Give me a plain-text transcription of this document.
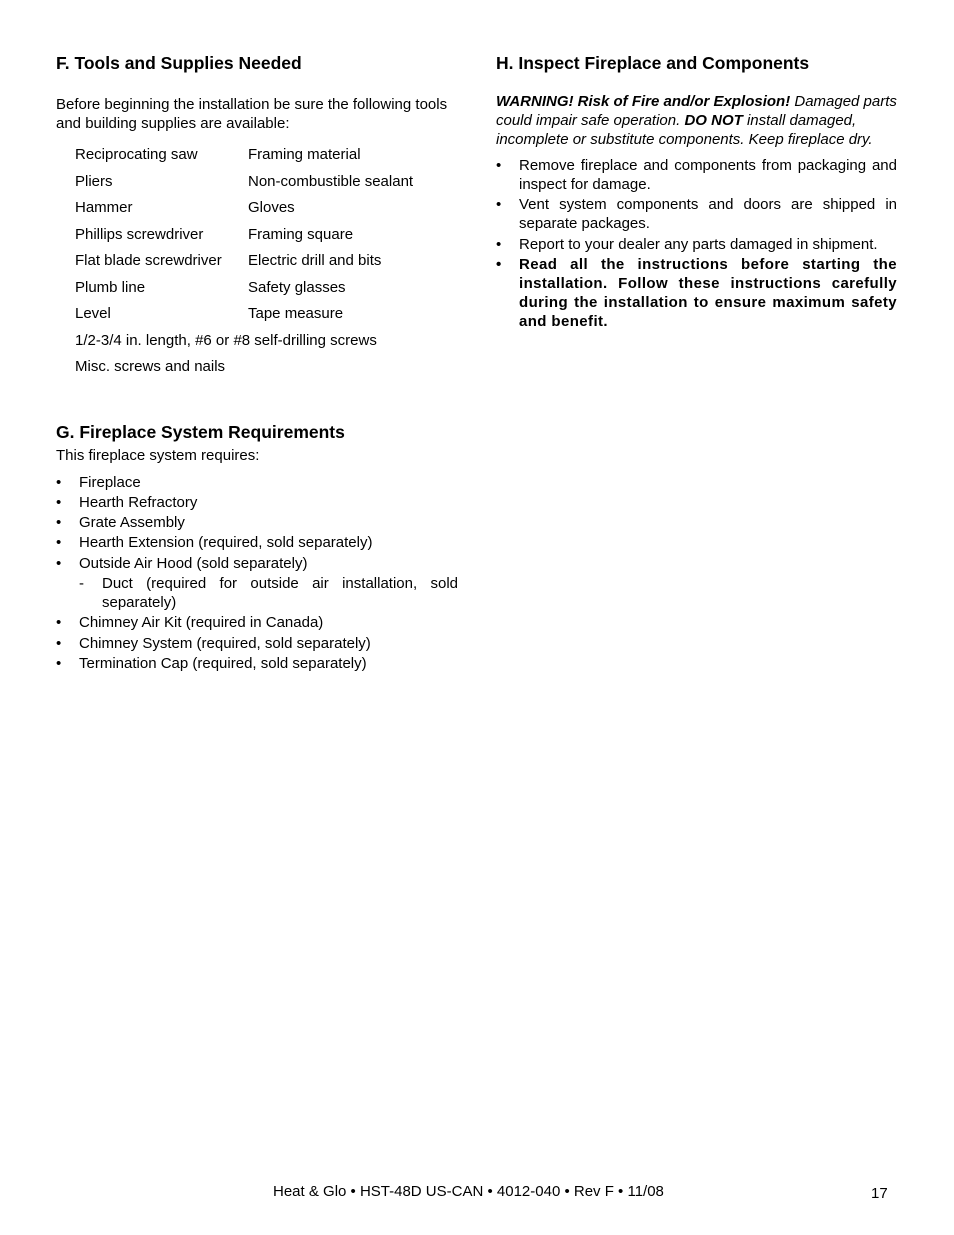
F. Tools and Supplies Needed

Before beginning the installation be sure the following tools and building supplies are available:

Reciprocating saw	Framing material
Pliers	Non-combustible sealant
Hammer	Gloves
Phillips screwdriver	Framing square
Flat blade screwdriver	Electric drill and bits
Plumb line	Safety glasses
Level	Tape measure
1/2-3/4 in. length, #6 or #8 self-drilling screws
Misc. screws and nails
G. Fireplace System Requirements

This fireplace system requires:

• Fireplace
• Hearth Refractory
• Grate Assembly
• Hearth Extension (required, sold separately)
• Outside Air Hood (sold separately)
- Duct (required for outside air installation, sold separately)
• Chimney Air Kit (required in Canada)
• Chimney System (required, sold separately)
• Termination Cap (required, sold separately)
H. Inspect Fireplace and Components

WARNING! Risk of Fire and/or Explosion! Damaged parts could impair safe operation. DO NOT install damaged, incomplete or substitute components. Keep fireplace dry.

• Remove fireplace and components from packaging and inspect for damage.
• Vent system components and doors are shipped in separate packages.
• Report to your dealer any parts damaged in shipment.
• Read all the instructions before starting the installation. Follow these instructions carefully during the installation to ensure maximum safety and benefit.
Heat & Glo • HST-48D US-CAN • 4012-040 • Rev F • 11/08	17
